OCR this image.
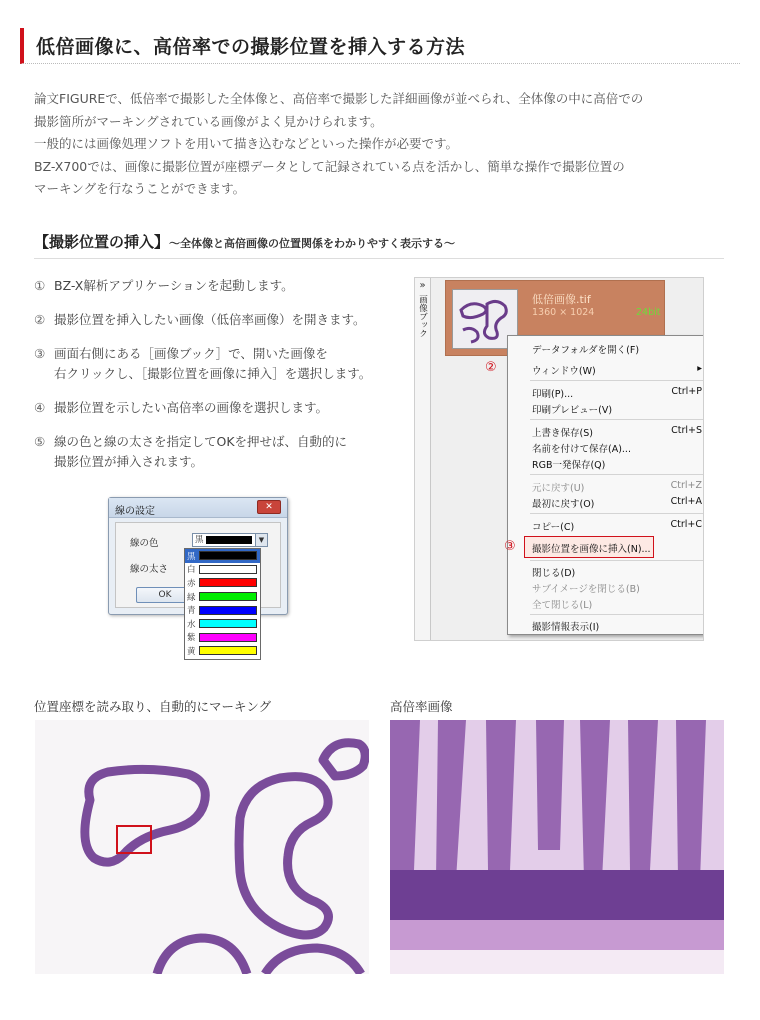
低倍画像に、高倍率での撮影位置を挿入する方法

論文FIGUREで、低倍率で撮影した全体像と、高倍率で撮影した詳細画像が並べられ、全体像の中に高倍での

撮影箇所がマーキングされている画像がよく見かけられます。

一般的には画像処理ソフトを用いて描き込むなどといった操作が必要です。

BZ-X700では、画像に撮影位置が座標データとして記録されている点を活かし、簡単な操作で撮影位置の

マーキングを行なうことができます。

【撮影位置の挿入】～全体像と高倍画像の位置関係をわかりやすく表示する～
① BZ-X解析アプリケーションを起動します。
② 撮影位置を挿入したい画像（低倍率画像）を開きます。
③ 画面右側にある［画像ブック］で、開いた画像を
右クリックし、［撮影位置を画像に挿入］を選択します。
④ 撮影位置を示したい高倍率の画像を選択します。
⑤ 線の色と線の太さを指定してOKを押せば、自動的に
撮影位置が挿入されます。
線の設定	✕
線の色
線の太さ
黒	▼
OK
黒
白
赤
緑
青
水
紫
黄
»
画像ブック	低倍画像.tif
1360 × 1024	24bit
②
データフォルダを開く(F)
ウィンドウ(W)	▸
印刷(P)...	Ctrl+P
印刷プレビュー(V)
上書き保存(S)	Ctrl+S
名前を付けて保存(A)...
RGB一発保存(Q)
元に戻す(U)	Ctrl+Z
最初に戻す(O)	Ctrl+A
コピー(C)	Ctrl+C
撮影位置を画像に挿入(N)...
閉じる(D)
サブイメージを閉じる(B)
全て閉じる(L)
撮影情報表示(I)
③
位置座標を読み取り、自動的にマーキング	高倍率画像
